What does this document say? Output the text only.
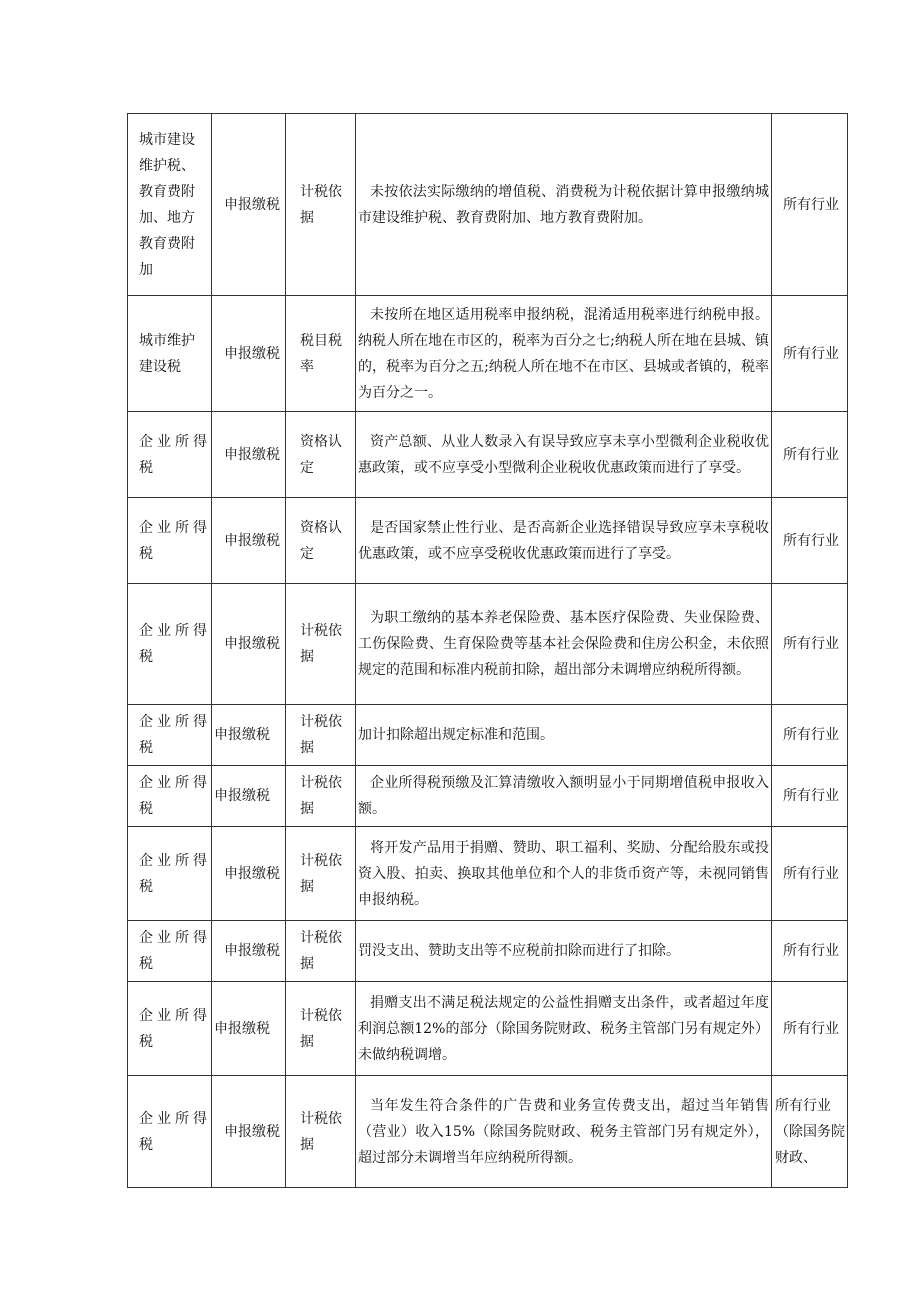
城市建设维护税、教育费附加、地方教育费附加	申报缴税	计税依据	未按依法实际缴纳的增值税、消费税为计税依据计算申报缴纳城市建设维护税、教育费附加、地方教育费附加。	所有行业
城市维护建设税	申报缴税	税目税率	未按所在地区适用税率申报纳税，混淆适用税率进行纳税申报。纳税人所在地在市区的，税率为百分之七;纳税人所在地在县城、镇的，税率为百分之五;纳税人所在地不在市区、县城或者镇的，税率为百分之一。	所有行业
企业所得税	申报缴税	资格认定	资产总额、从业人数录入有误导致应享未享小型微利企业税收优惠政策，或不应享受小型微利企业税收优惠政策而进行了享受。	所有行业
企业所得税	申报缴税	资格认定	是否国家禁止性行业、是否高新企业选择错误导致应享未享税收优惠政策，或不应享受税收优惠政策而进行了享受。	所有行业
企业所得税	申报缴税	计税依据	为职工缴纳的基本养老保险费、基本医疗保险费、失业保险费、工伤保险费、生育保险费等基本社会保险费和住房公积金，未依照规定的范围和标准内税前扣除，超出部分未调增应纳税所得额。	所有行业
企业所得税	申报缴税	计税依据	加计扣除超出规定标准和范围。	所有行业
企业所得税	申报缴税	计税依据	企业所得税预缴及汇算清缴收入额明显小于同期增值税申报收入额。	所有行业
企业所得税	申报缴税	计税依据	将开发产品用于捐赠、赞助、职工福利、奖励、分配给股东或投资入股、拍卖、换取其他单位和个人的非货币资产等，未视同销售申报纳税。	所有行业
企业所得税	申报缴税	计税依据	罚没支出、赞助支出等不应税前扣除而进行了扣除。	所有行业
企业所得税	申报缴税	计税依据	捐赠支出不满足税法规定的公益性捐赠支出条件，或者超过年度利润总额12%的部分（除国务院财政、税务主管部门另有规定外）未做纳税调增。	所有行业
企业所得税	申报缴税	计税依据	当年发生符合条件的广告费和业务宣传费支出，超过当年销售（营业）收入15%（除国务院财政、税务主管部门另有规定外），超过部分未调增当年应纳税所得额。	所有行业（除国务院财政、
